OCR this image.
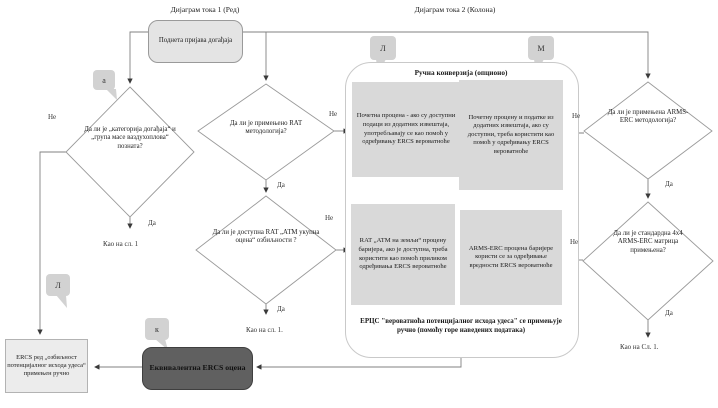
Дијаграм тока 1 (Ред)	Дијаграм тока 2 (Колона)
Поднета пријава догађаја
Да ли је „категорија догађаја“ и „група масе ваздухоплова“ позната?
Да ли је примењено RAT методологија?
Да ли је доступна RAT „АТМ укупна оцена“ озбиљности ?
Да ли је примењена ARMS-ERC методологија?
Да ли је стандардна 4х4 ARMS-ERC матрица примењена?
Ручна конверзија (опционо)
Почетна процена - ако су доступни подаци из додатних извештаја, употребљавају се као помоћ у одређивању ERCS вероватноће
Почетну процену и податке из додатних извештаја, ако су доступни, треба користити као помоћ у одређивању ERCS вероватноће
RAT „АТМ на земљи“ процену баријера, ако је доступна, треба користити као помоћ приликом одређивања ERCS вероватноће
ARMS-ERC процена баријере користи се за одређивање вредности ERCS вероватноће
ЕРЦС "вероватноћа потенцијалног исхода удеса" се примењује ручно (помоћу горе наведених података)
ERCS ред „озбиљност потенцијалног исхода удеса“ примењен ручно
Еквивалентна ERCS оцена
а
Л	М
Л
к
Не
Да
Као на сл. 1
Не
Да
Не
Да
Као на сл. 1.
Не
Да
Не
Да
Као на Сл. 1.
